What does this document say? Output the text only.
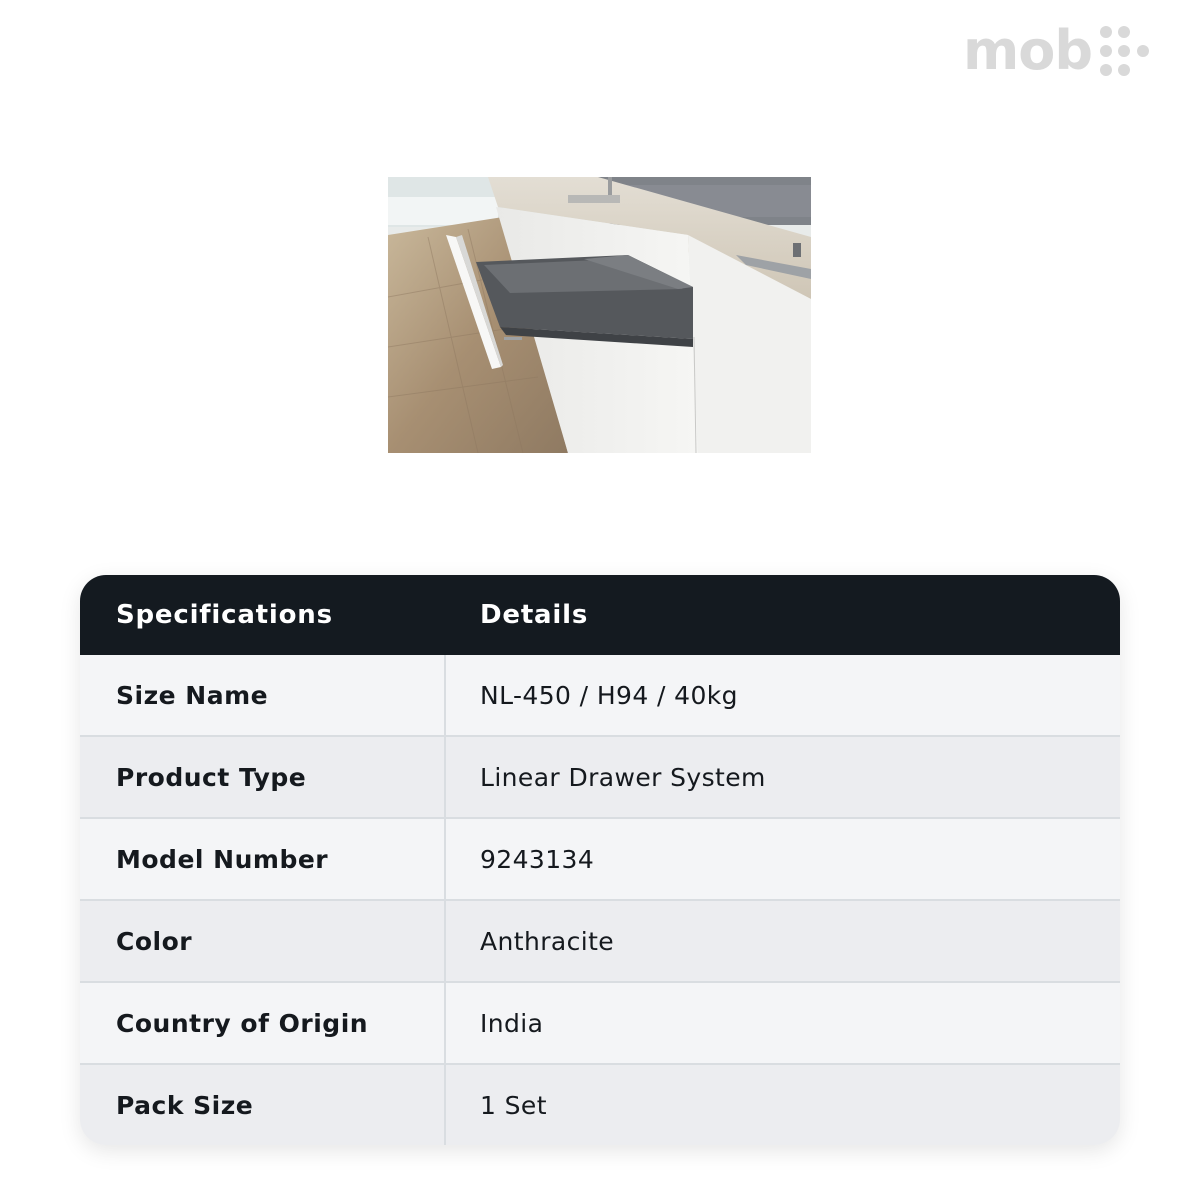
mob
Specifications	Details
Size Name	NL-450 / H94 / 40kg
Product Type	Linear Drawer System
Model Number	9243134
Color	Anthracite
Country of Origin	India
Pack Size	1 Set
